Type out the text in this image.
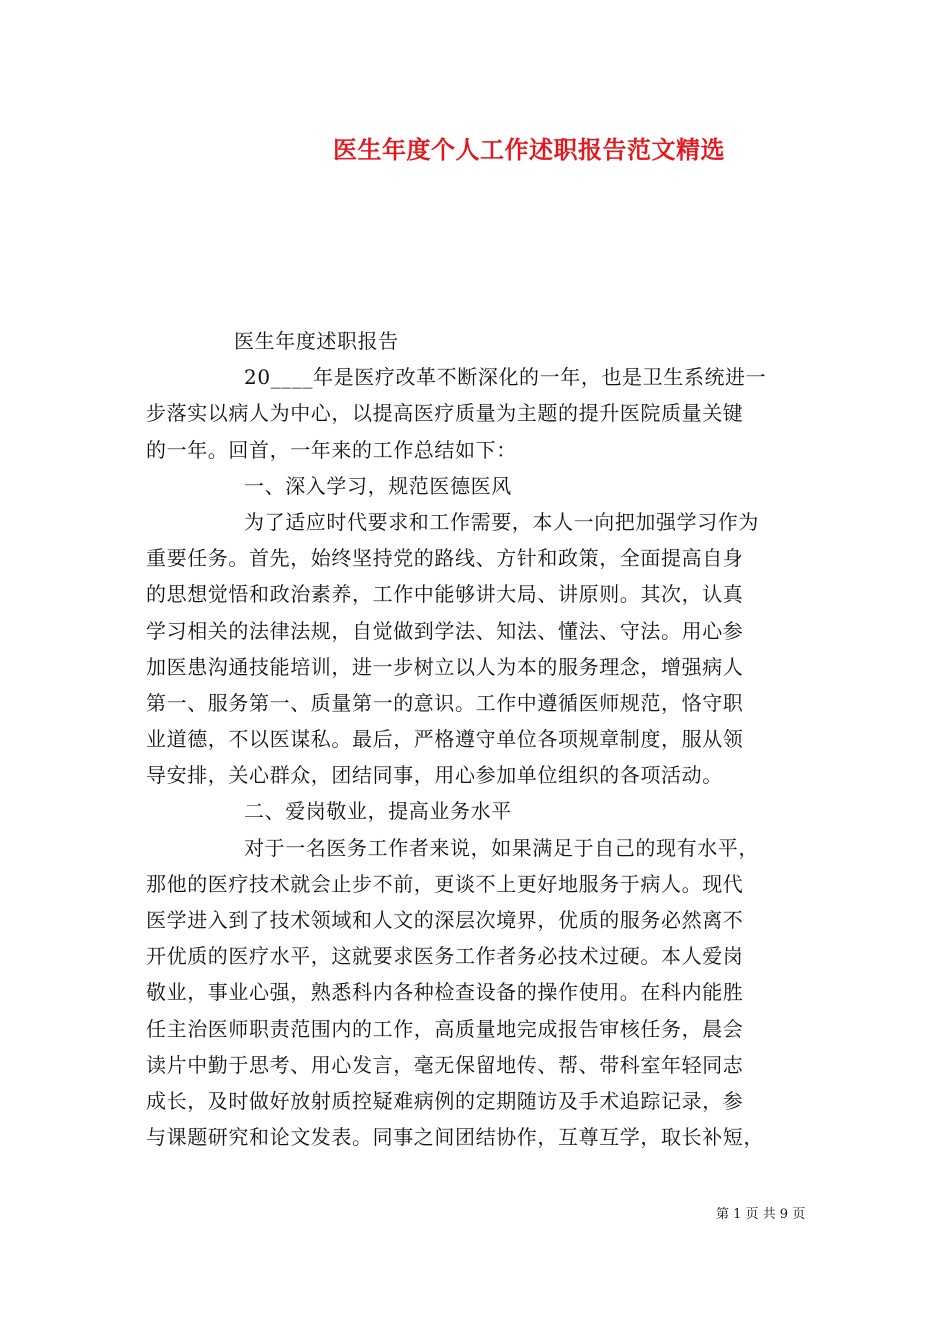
医生年度个人工作述职报告范文精选
医生年度述职报告
20____年是医疗改革不断深化的一年，也是卫生系统进一
步落实以病人为中心，以提高医疗质量为主题的提升医院质量关键
的一年。回首，一年来的工作总结如下：
一、深入学习，规范医德医风
为了适应时代要求和工作需要，本人一向把加强学习作为
重要任务。首先，始终坚持党的路线、方针和政策，全面提高自身
的思想觉悟和政治素养，工作中能够讲大局、讲原则。其次，认真
学习相关的法律法规，自觉做到学法、知法、懂法、守法。用心参
加医患沟通技能培训，进一步树立以人为本的服务理念，增强病人
第一、服务第一、质量第一的意识。工作中遵循医师规范，恪守职
业道德，不以医谋私。最后，严格遵守单位各项规章制度，服从领
导安排，关心群众，团结同事，用心参加单位组织的各项活动。
二、爱岗敬业，提高业务水平
对于一名医务工作者来说，如果满足于自己的现有水平，
那他的医疗技术就会止步不前，更谈不上更好地服务于病人。现代
医学进入到了技术领域和人文的深层次境界，优质的服务必然离不
开优质的医疗水平，这就要求医务工作者务必技术过硬。本人爱岗
敬业，事业心强，熟悉科内各种检查设备的操作使用。在科内能胜
任主治医师职责范围内的工作，高质量地完成报告审核任务，晨会
读片中勤于思考、用心发言，毫无保留地传、帮、带科室年轻同志
成长，及时做好放射质控疑难病例的定期随访及手术追踪记录，参
与课题研究和论文发表。同事之间团结协作，互尊互学，取长补短，
第 1 页 共 9 页
